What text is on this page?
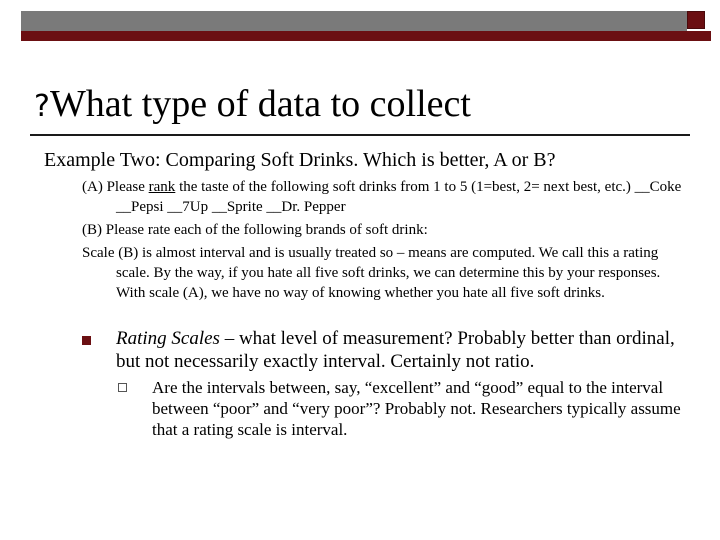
?What type of data to collect
Example Two: Comparing Soft Drinks. Which is better, A or B?

(A) Please rank the taste of the following soft drinks from 1 to 5 (1=best, 2= next best, etc.) __Coke __Pepsi __7Up __Sprite __Dr. Pepper

(B) Please rate each of the following brands of soft drink:

Scale (B) is almost interval and is usually treated so – means are computed. We call this a rating scale. By the way, if you hate all five soft drinks, we can determine this by your responses. With scale (A), we have no way of knowing whether you hate all five soft drinks.

Rating Scales – what level of measurement? Probably better than ordinal, but not necessarily exactly interval. Certainly not ratio.
Are the intervals between, say, “excellent” and “good” equal to the interval between “poor” and “very poor”? Probably not. Researchers typically assume that a rating scale is interval.
